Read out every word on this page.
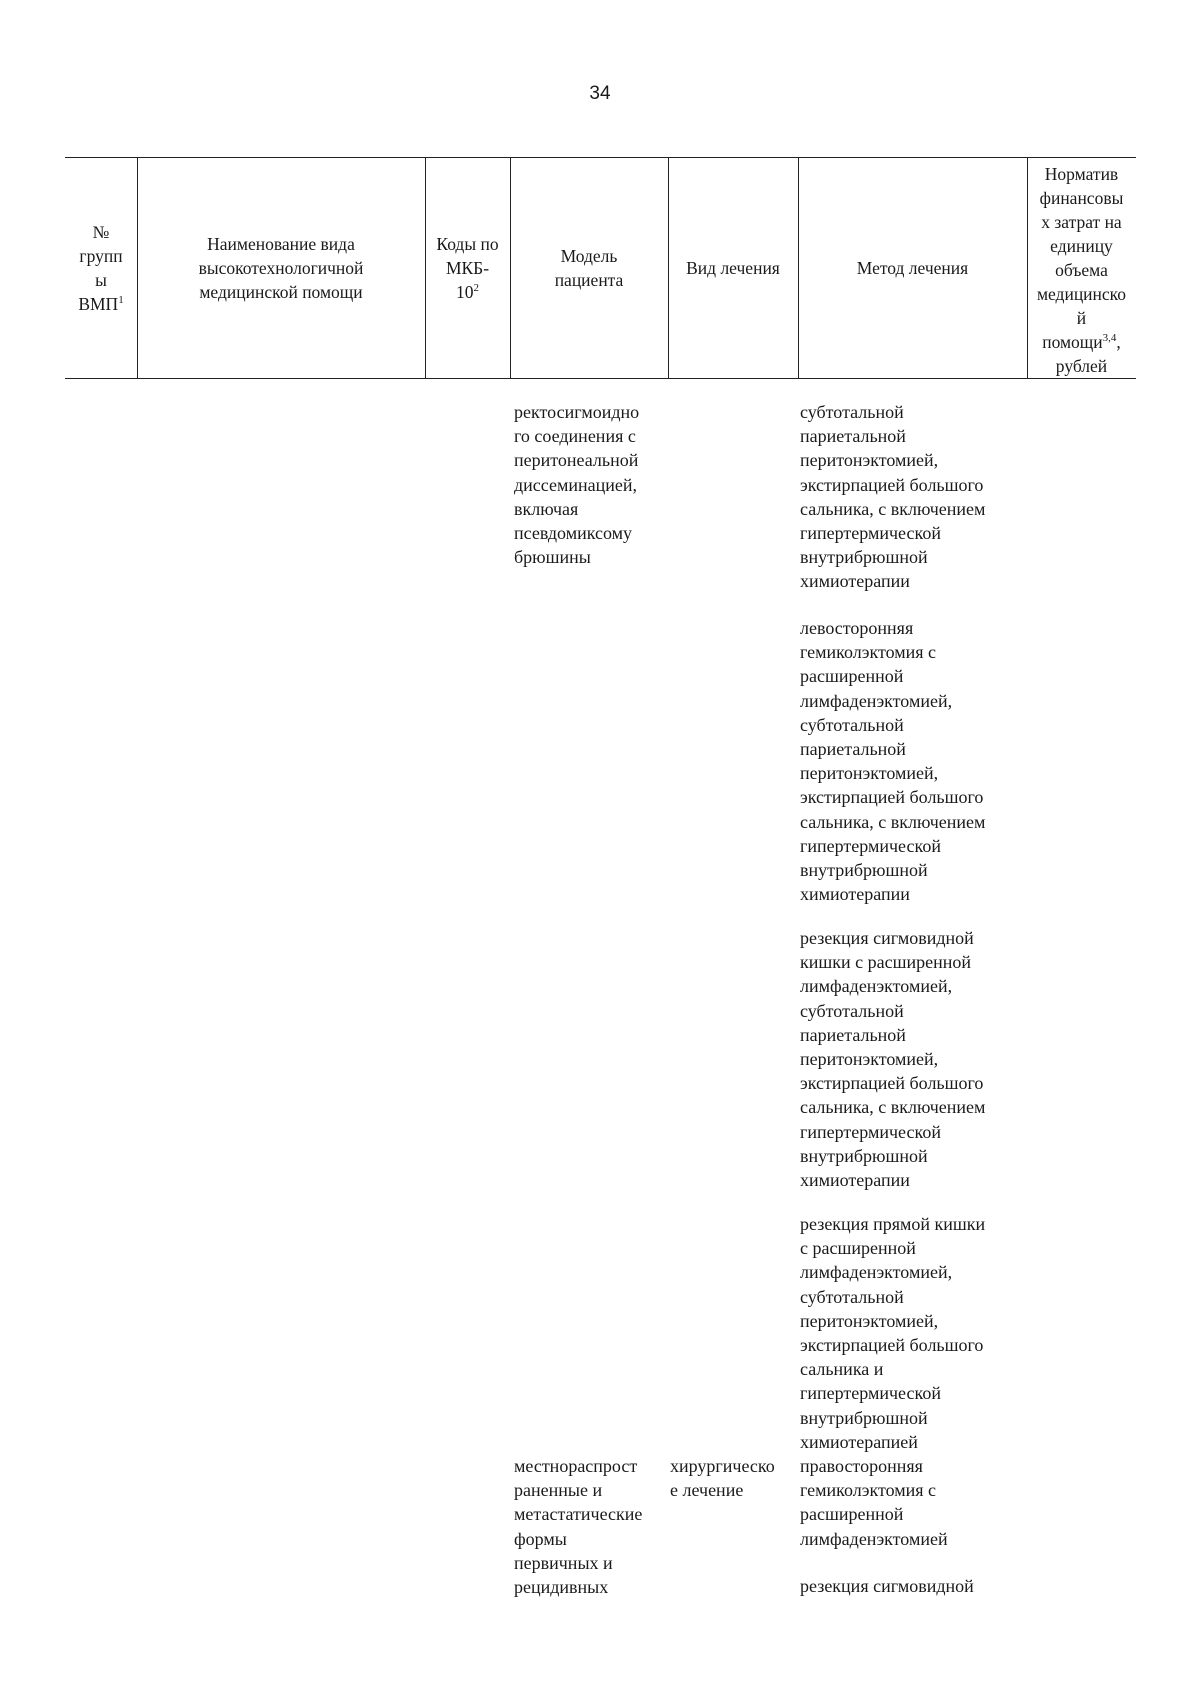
34
№
групп
ы
ВМП$^1$
Наименование вида
высокотехнологичной
медицинской помощи
Коды по
МКБ-
$10^2$
Модель
пациента
Вид лечения	Метод лечения
Норматив
финансовы
х затрат на
единицу
объема
медицинско
й
помощи$^{3,4}$,
рублей
ректосигмоидно
го соединения с
перитонеальной
диссеминацией,
включая
псевдомиксому
брюшины
субтотальной
париетальной
перитонэктомией,
экстирпацией большого
сальника, с включением
гипертермической
внутрибрюшной
химиотерапии
левосторонняя
гемиколэктомия с
расширенной
лимфаденэктомией,
субтотальной
париетальной
перитонэктомией,
экстирпацией большого
сальника, с включением
гипертермической
внутрибрюшной
химиотерапии
резекция сигмовидной
кишки с расширенной
лимфаденэктомией,
субтотальной
париетальной
перитонэктомией,
экстирпацией большого
сальника, с включением
гипертермической
внутрибрюшной
химиотерапии
резекция прямой кишки
с расширенной
лимфаденэктомией,
субтотальной
перитонэктомией,
экстирпацией большого
сальника и
гипертермической
внутрибрюшной
химиотерапией
правосторонняя
гемиколэктомия с
расширенной
лимфаденэктомией
резекция сигмовидной
местнораспрост
раненные и
метастатические
формы
первичных и
рецидивных
хирургическо
е лечение
